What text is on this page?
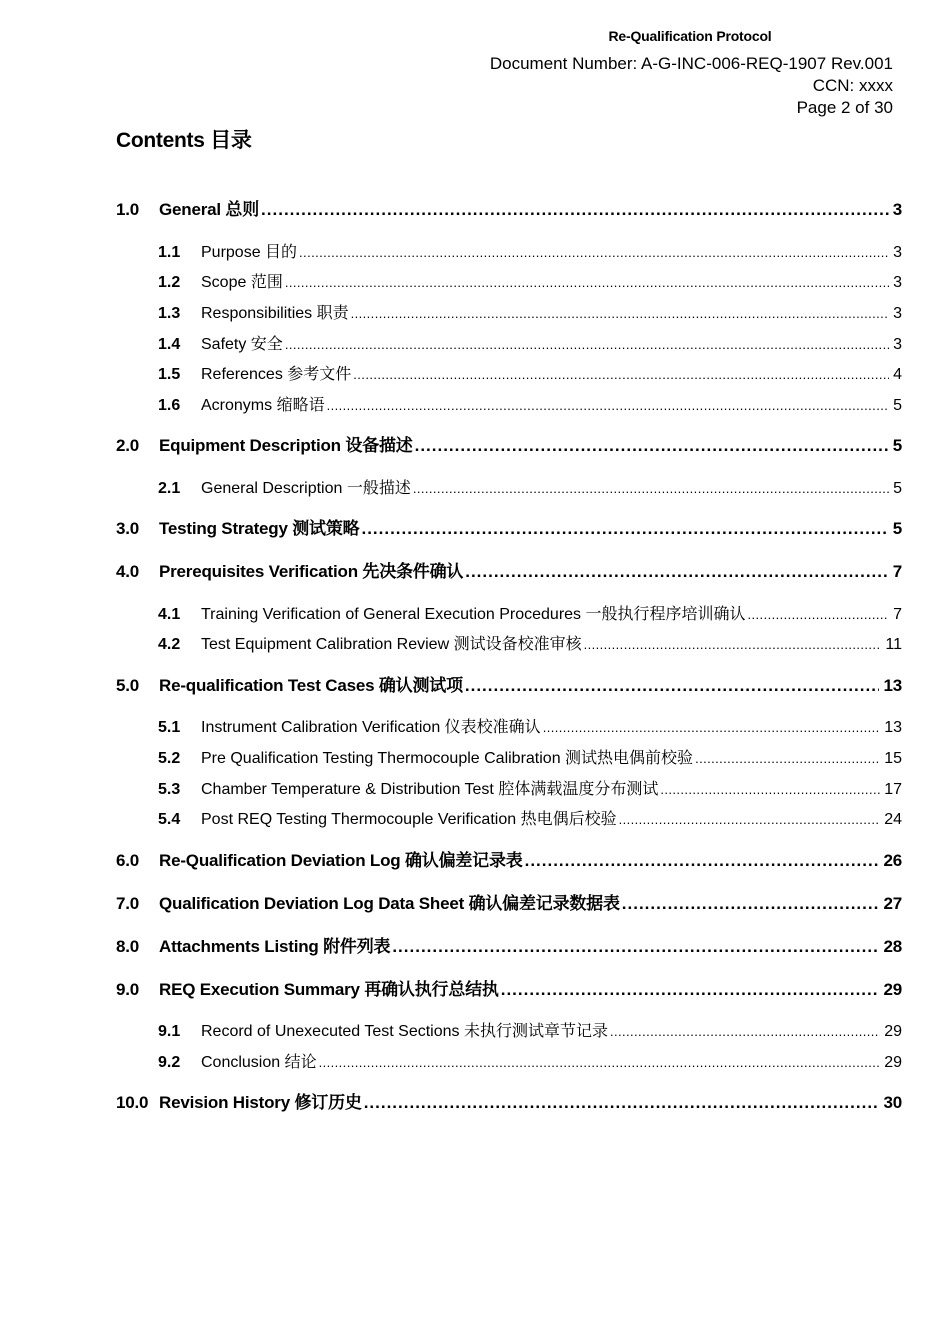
Re-Qualification Protocol
Document Number: A-G-INC-006-REQ-1907 Rev.001
CCN: xxxx
Page 2 of 30
Contents 目录
1.0	General 总则 .....	3
1.1	Purpose 目的 .....	3
1.2	Scope 范围 .....	3
1.3	Responsibilities 职责 .....	3
1.4	Safety 安全 .....	3
1.5	References 参考文件 .....	4
1.6	Acronyms 缩略语 .....	5
2.0	Equipment Description 设备描述 .....	5
2.1	General Description 一般描述 .....	5
3.0	Testing Strategy 测试策略 .....	5
4.0	Prerequisites Verification 先决条件确认 .....	7
4.1	Training Verification of General Execution Procedures 一般执行程序培训确认 .....	7
4.2	Test Equipment Calibration Review 测试设备校准审核 .....	11
5.0	Re-qualification Test Cases 确认测试项 .....	13
5.1	Instrument Calibration Verification 仪表校准确认 .....	13
5.2	Pre Qualification Testing Thermocouple Calibration 测试热电偶前校验 .....	15
5.3	Chamber Temperature & Distribution Test 腔体满载温度分布测试 .....	17
5.4	Post REQ Testing Thermocouple Verification 热电偶后校验 .....	24
6.0	Re-Qualification Deviation Log 确认偏差记录表 .....	26
7.0	Qualification Deviation Log Data Sheet 确认偏差记录数据表 .....	27
8.0	Attachments Listing 附件列表 .....	28
9.0	REQ Execution Summary 再确认执行总结执 .....	29
9.1	Record of Unexecuted Test Sections 未执行测试章节记录 .....	29
9.2	Conclusion 结论 .....	29
10.0 Revision History 修订历史 .....	30
